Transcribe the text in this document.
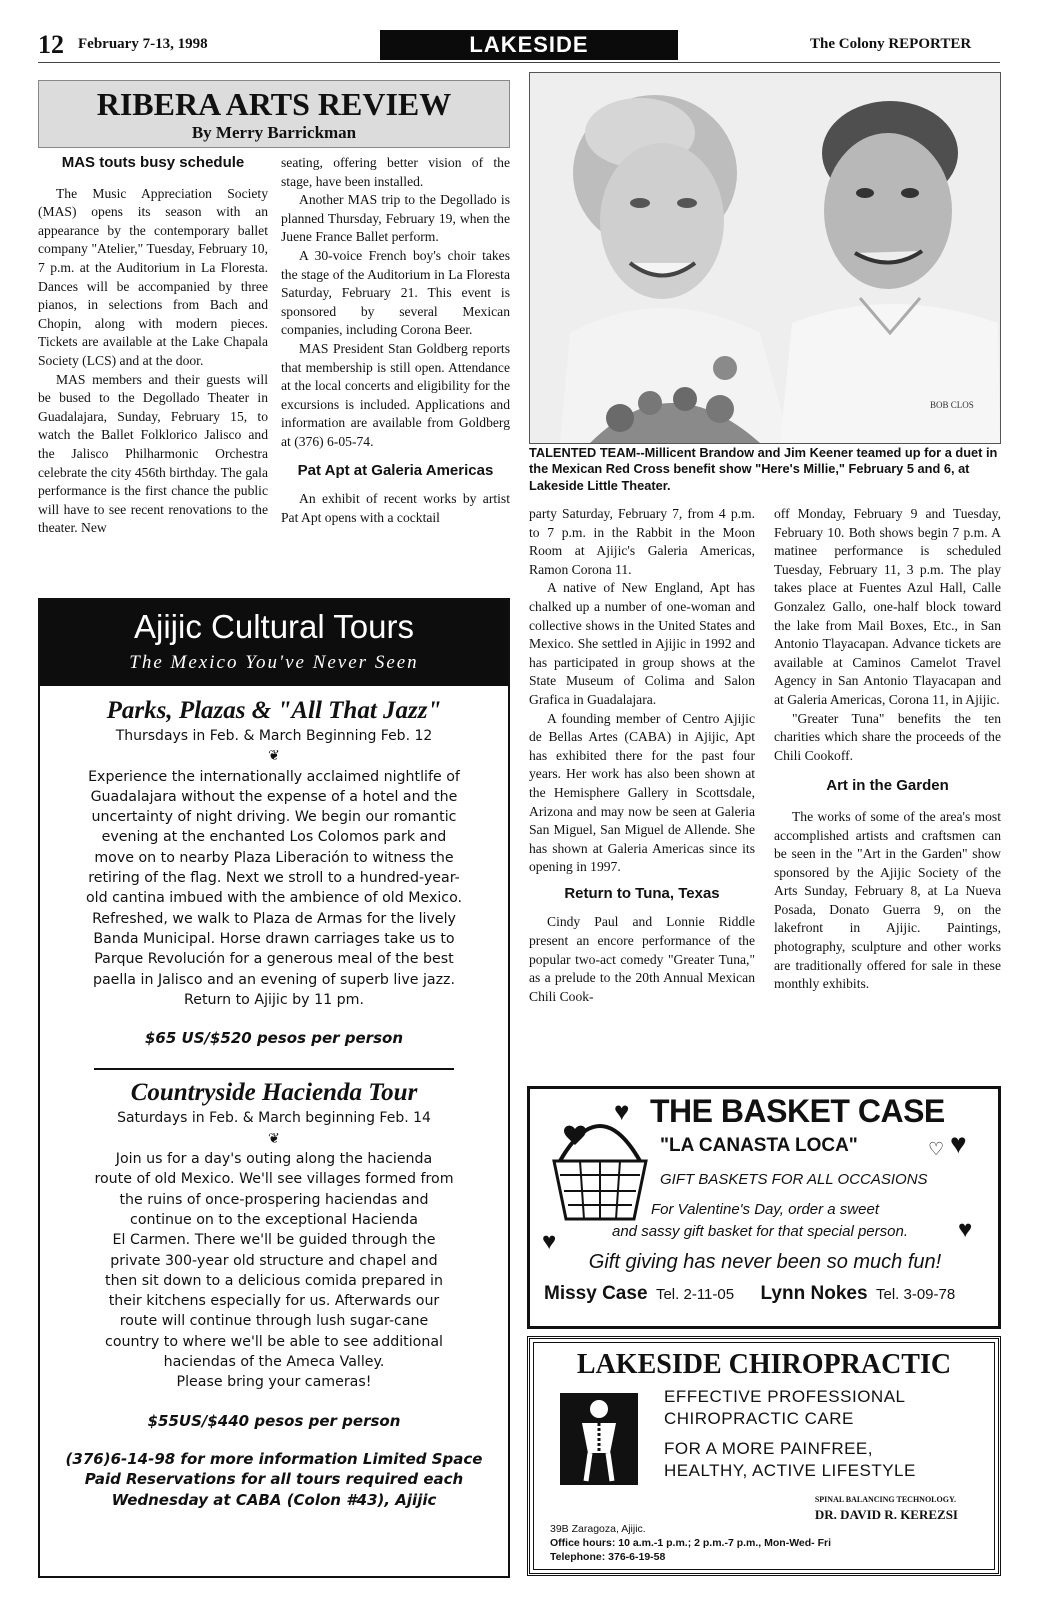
12 February 7-13, 1998	LAKESIDE	The Colony REPORTER
RIBERA ARTS REVIEW
By Merry Barrickman
MAS touts busy schedule

The Music Appreciation Society (MAS) opens its season with an appearance by the contemporary ballet company "Atelier," Tuesday, February 10, 7 p.m. at the Auditorium in La Floresta. Dances will be accompanied by three pianos, in selections from Bach and Chopin, along with modern pieces. Tickets are available at the Lake Chapala Society (LCS) and at the door.

MAS members and their guests will be bused to the Degollado Theater in Guadalajara, Sunday, February 15, to watch the Ballet Folklorico Jalisco and the Jalisco Philharmonic Orchestra celebrate the city 456th birthday. The gala performance is the first chance the public will have to see recent renovations to the theater. New

seating, offering better vision of the stage, have been installed.

Another MAS trip to the Degollado is planned Thursday, February 19, when the Juene France Ballet perform.

A 30-voice French boy's choir takes the stage of the Auditorium in La Floresta Saturday, February 21. This event is sponsored by several Mexican companies, including Corona Beer.

MAS President Stan Goldberg reports that membership is still open. Attendance at the local concerts and eligibility for the excursions is included. Applications and information are available from Goldberg at (376) 6-05-74.

Pat Apt at Galeria Americas

An exhibit of recent works by artist Pat Apt opens with a cocktail

BOB CLOS
TALENTED TEAM--Millicent Brandow and Jim Keener teamed up for a duet in the Mexican Red Cross benefit show "Here's Millie," February 5 and 6, at Lakeside Little Theater.

party Saturday, February 7, from 4 p.m. to 7 p.m. in the Rabbit in the Moon Room at Ajijic's Galeria Americas, Ramon Corona 11.

A native of New England, Apt has chalked up a number of one-woman and collective shows in the United States and Mexico. She settled in Ajijic in 1992 and has participated in group shows at the State Museum of Colima and Salon Grafica in Guadalajara.

A founding member of Centro Ajijic de Bellas Artes (CABA) in Ajijic, Apt has exhibited there for the past four years. Her work has also been shown at the Hemisphere Gallery in Scottsdale, Arizona and may now be seen at Galeria San Miguel, San Miguel de Allende. She has shown at Galeria Americas since its opening in 1997.

Return to Tuna, Texas

Cindy Paul and Lonnie Riddle present an encore performance of the popular two-act comedy "Greater Tuna," as a prelude to the 20th Annual Mexican Chili Cook-

off Monday, February 9 and Tuesday, February 10. Both shows begin 7 p.m. A matinee performance is scheduled Tuesday, February 11, 3 p.m. The play takes place at Fuentes Azul Hall, Calle Gonzalez Gallo, one-half block toward the lake from Mail Boxes, Etc., in San Antonio Tlayacapan. Advance tickets are available at Caminos Camelot Travel Agency in San Antonio Tlayacapan and at Galeria Americas, Corona 11, in Ajijic.

"Greater Tuna" benefits the ten charities which share the proceeds of the Chili Cookoff.

Art in the Garden

The works of some of the area's most accomplished artists and craftsmen can be seen in the "Art in the Garden" show sponsored by the Ajijic Society of the Arts Sunday, February 8, at La Nueva Posada, Donato Guerra 9, on the lakefront in Ajijic. Paintings, photography, sculpture and other works are traditionally offered for sale in these monthly exhibits.

Ajijic Cultural Tours
The Mexico You've Never Seen

Parks, Plazas & "All That Jazz"

Thursdays in Feb. & March Beginning Feb. 12

❦

Experience the internationally acclaimed nightlife of

Guadalajara without the expense of a hotel and the

uncertainty of night driving. We begin our romantic

evening at the enchanted Los Colomos park and

move on to nearby Plaza Liberación to witness the

retiring of the flag. Next we stroll to a hundred-year-

old cantina imbued with the ambience of old Mexico.

Refreshed, we walk to Plaza de Armas for the lively

Banda Municipal. Horse drawn carriages take us to

Parque Revolución for a generous meal of the best

paella in Jalisco and an evening of superb live jazz.

Return to Ajijic by 11 pm.

$65 US/$520 pesos per person

Countryside Hacienda Tour

Saturdays in Feb. & March beginning Feb. 14

❦

Join us for a day's outing along the hacienda

route of old Mexico. We'll see villages formed from

the ruins of once-prospering haciendas and

continue on to the exceptional Hacienda

El Carmen. There we'll be guided through the

private 300-year old structure and chapel and

then sit down to a delicious comida prepared in

their kitchens especially for us. Afterwards our

route will continue through lush sugar-cane

country to where we'll be able to see additional

haciendas of the Ameca Valley.

Please bring your cameras!

$55US/$440 pesos per person

(376)6-14-98 for more information Limited Space

Paid Reservations for all tours required each

Wednesday at CABA (Colon #43), Ajijic

♥
♥
♥
♡
♥
THE BASKET CASE
"LA CANASTA LOCA"
GIFT BASKETS FOR ALL OCCASIONS
For Valentine's Day, order a sweet
and sassy gift basket for that special person.
Gift giving has never been so much fun!
Missy Case Tel. 2-11-05 Lynn Nokes Tel. 3-09-78
LAKESIDE CHIROPRACTIC
EFFECTIVE PROFESSIONAL
CHIROPRACTIC CARE
FOR A MORE PAINFREE,
HEALTHY, ACTIVE LIFESTYLE
SPINAL BALANCING TECHNOLOGY.
DR. DAVID R. KEREZSI
39B Zaragoza, Ajijic.
Office hours: 10 a.m.-1 p.m.; 2 p.m.-7 p.m., Mon-Wed- Fri
Telephone: 376-6-19-58
